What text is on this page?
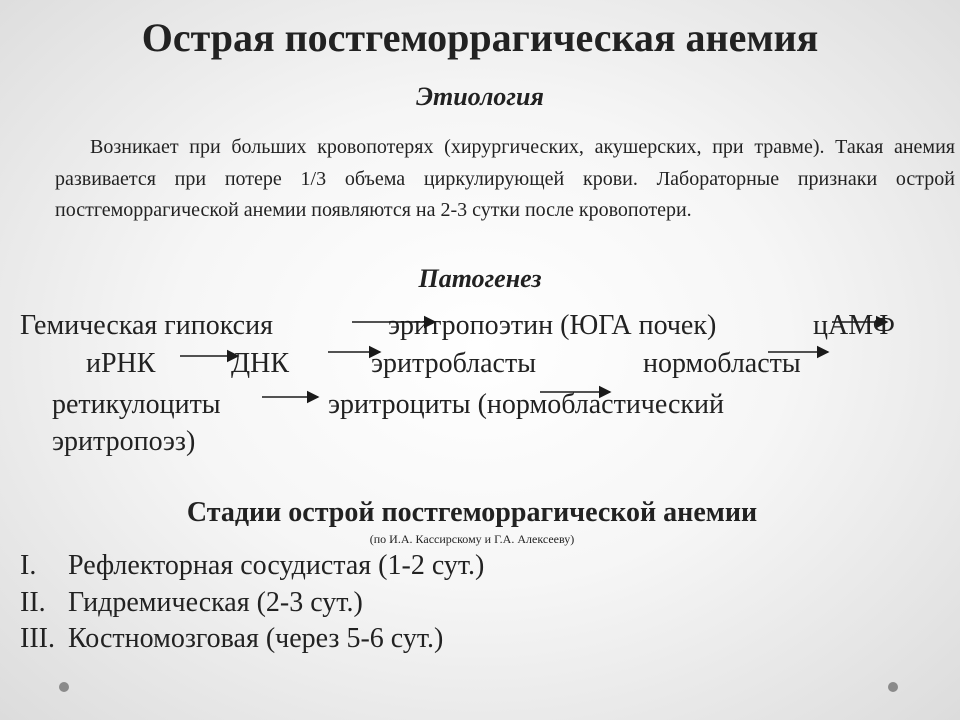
Острая постгеморрагическая анемия
Этиология
Возникает при больших кровопотерях (хирургических, акушерских, при травме). Такая анемия развивается при потере 1/3 объема циркулирующей крови. Лабораторные признаки острой постгеморрагической анемии появляются на 2-3 сутки после кровопотери.
Патогенез
Гемическая гипоксия	эритропоэтин (ЮГА почек)	цАМФ
иРНК	ДНК	эритробласты	нормобласты
ретикулоциты	эритроциты (нормобластический
эритропоэз)
Стадии острой постгеморрагической анемии
(по И.А. Кассирскому и Г.А. Алексееву)
I. Рефлекторная сосудистая (1-2 сут.)
II. Гидремическая (2-3 сут.)
III. Костномозговая (через 5-6 сут.)
